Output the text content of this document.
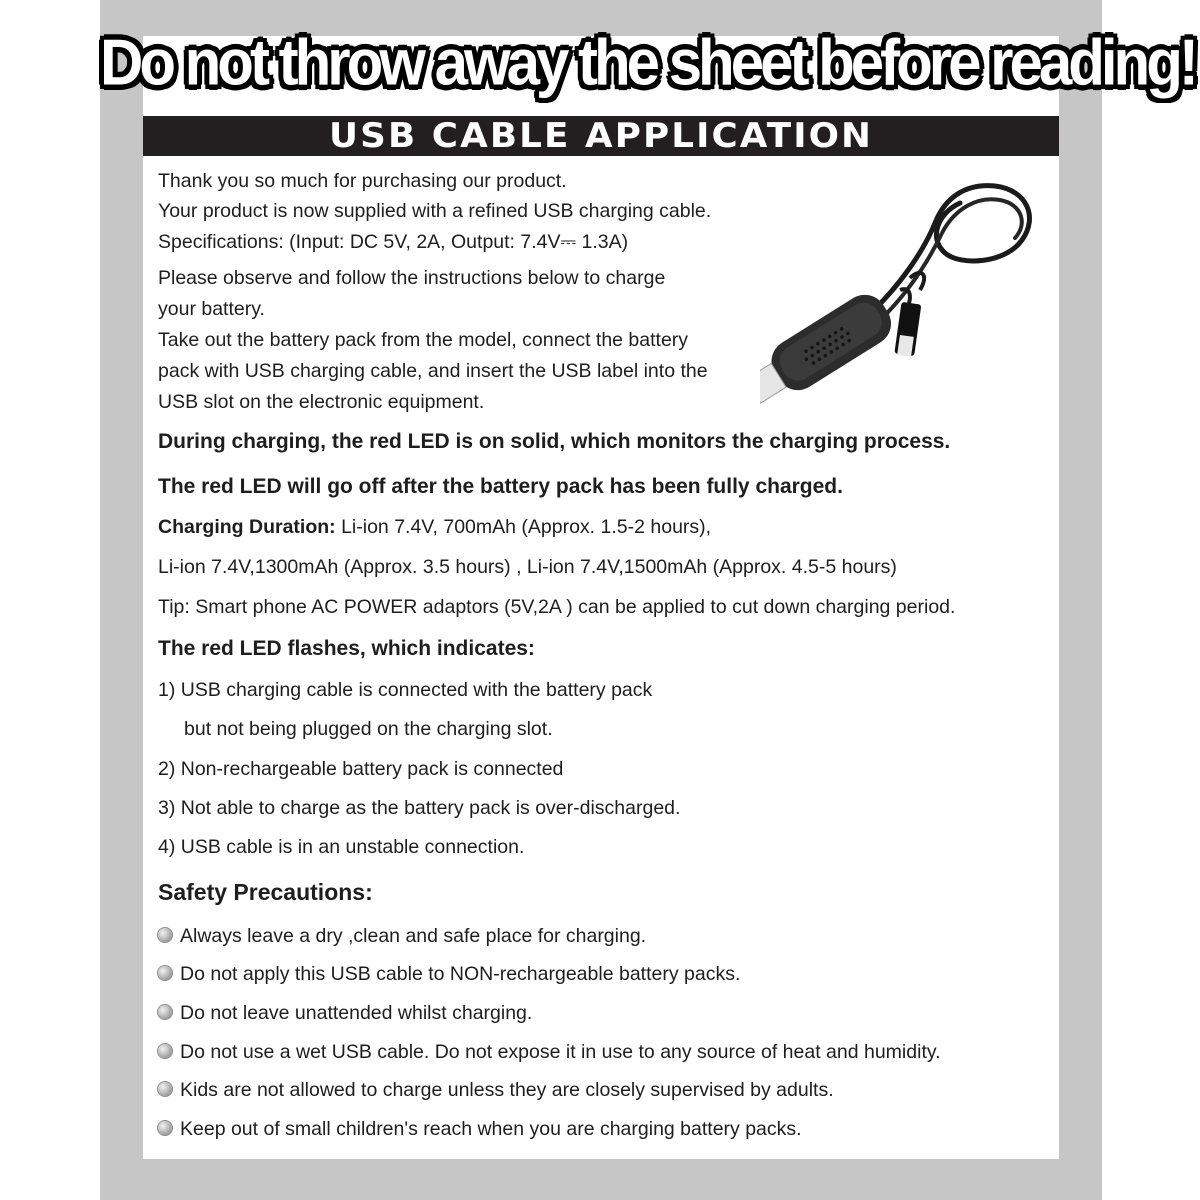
Do not throw away the sheet before reading!
USB CABLE APPLICATION
Thank you so much for purchasing our product.
Your product is now supplied with a refined USB charging cable.
Specifications: (Input: DC 5V, 2A, Output: 7.4V⎓ 1.3A)
Please observe and follow the instructions below to charge
your battery.
Take out the battery pack from the model, connect the battery
pack with USB charging cable, and insert the USB label into the
USB slot on the electronic equipment.
During charging, the red LED is on solid, which monitors the charging process.
The red LED will go off after the battery pack has been fully charged.
Charging Duration: Li-ion 7.4V, 700mAh (Approx. 1.5-2 hours),
Li-ion 7.4V,1300mAh (Approx. 3.5 hours) , Li-ion 7.4V,1500mAh (Approx. 4.5-5 hours)
Tip: Smart phone AC POWER adaptors (5V,2A ) can be applied to cut down charging period.
The red LED flashes, which indicates:
1) USB charging cable is connected with the battery pack
but not being plugged on the charging slot.
2) Non-rechargeable battery pack is connected
3) Not able to charge as the battery pack is over-discharged.
4) USB cable is in an unstable connection.
Safety Precautions:
Always leave a dry ,clean and safe place for charging.
Do not apply this USB cable to NON-rechargeable battery packs.
Do not leave unattended whilst charging.
Do not use a wet USB cable. Do not expose it in use to any source of heat and humidity.
Kids are not allowed to charge unless they are closely supervised by adults.
Keep out of small children's reach when you are charging battery packs.
